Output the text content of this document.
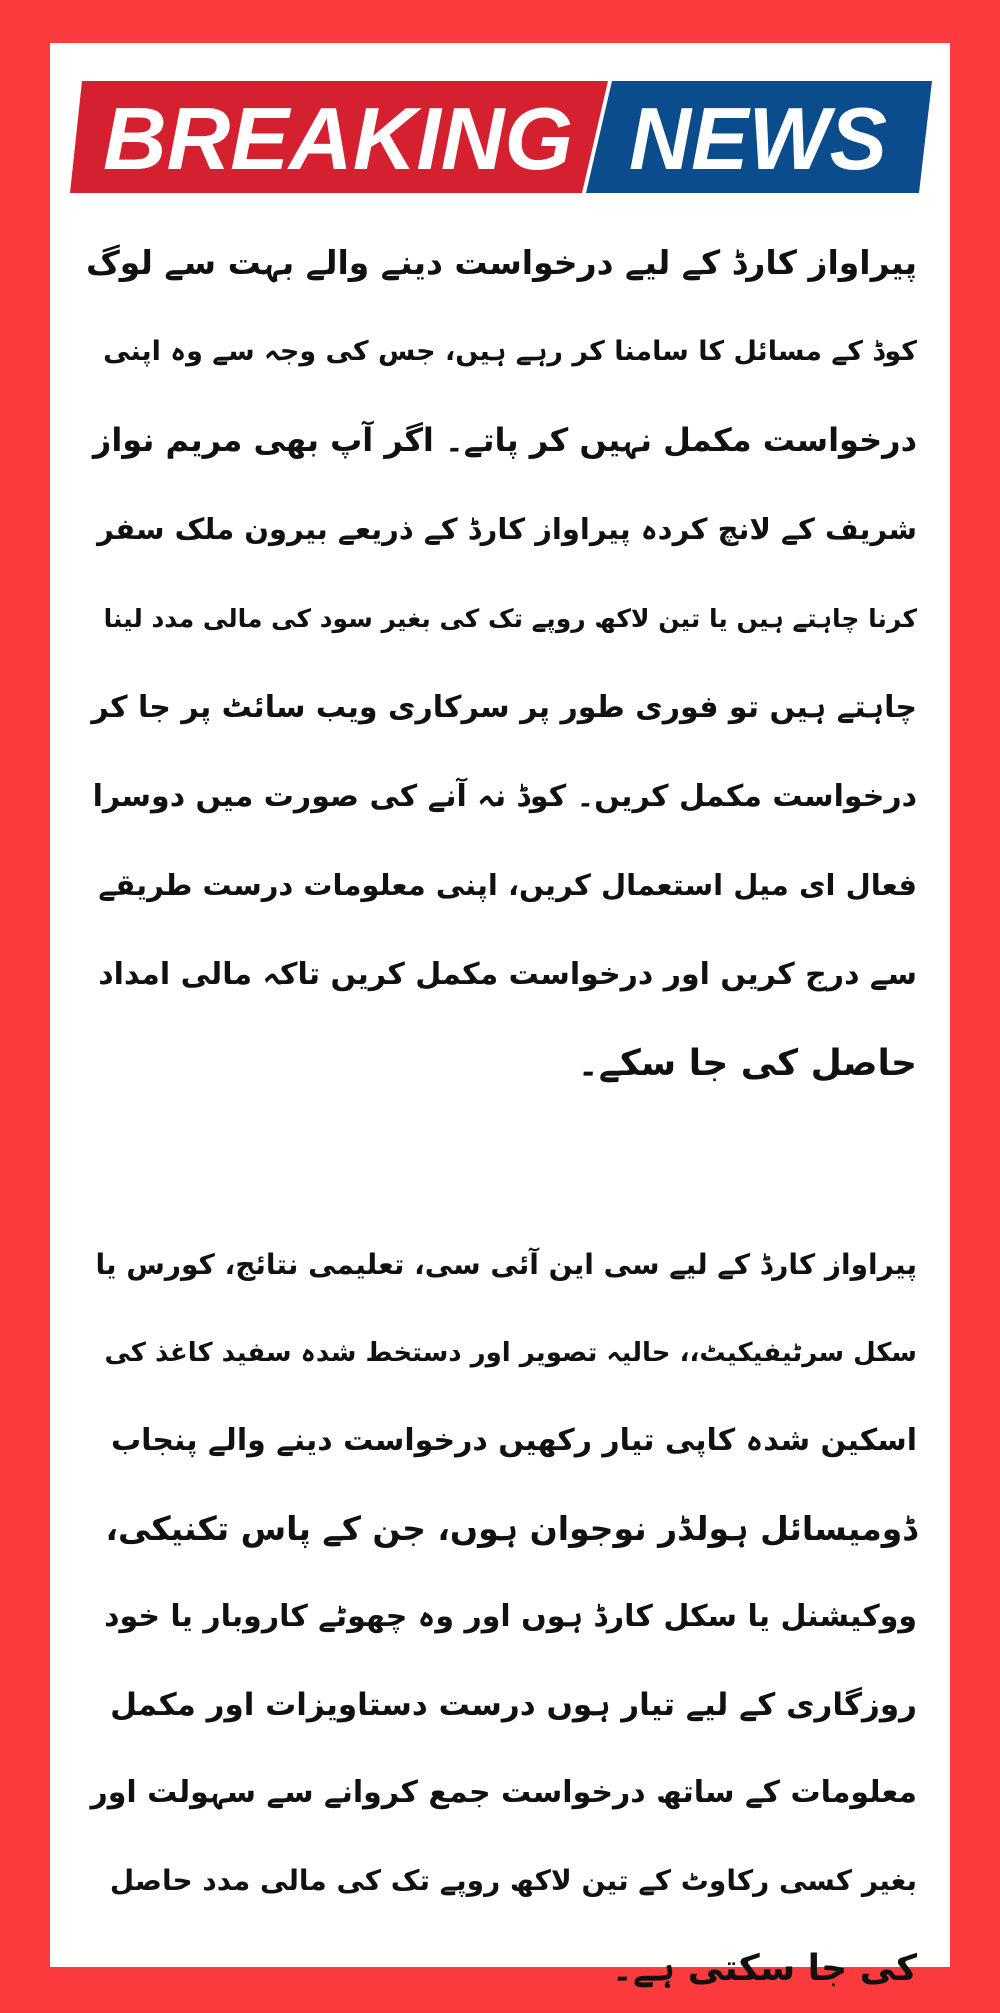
BREAKING NEWS
پیراواز کارڈ کے لیے درخواست دینے والے بہت سے لوگ
کوڈ کے مسائل کا سامنا کر رہے ہیں، جس کی وجہ سے وہ اپنی
درخواست مکمل نہیں کر پاتے۔ اگر آپ بھی مریم نواز
شریف کے لانچ کردہ پیراواز کارڈ کے ذریعے بیرون ملک سفر
کرنا چاہتے ہیں یا تین لاکھ روپے تک کی بغیر سود کی مالی مدد لینا
چاہتے ہیں تو فوری طور پر سرکاری ویب سائٹ پر جا کر
درخواست مکمل کریں۔ کوڈ نہ آنے کی صورت میں دوسرا
فعال ای میل استعمال کریں، اپنی معلومات درست طریقے
سے درج کریں اور درخواست مکمل کریں تاکہ مالی امداد
حاصل کی جا سکے۔
پیراواز کارڈ کے لیے سی این آئی سی، تعلیمی نتائج، کورس یا
سکل سرٹیفیکیٹ،، حالیہ تصویر اور دستخط شدہ سفید کاغذ کی
اسکین شدہ کاپی تیار رکھیں درخواست دینے والے پنجاب
ڈومیسائل ہولڈر نوجوان ہوں، جن کے پاس تکنیکی،
ووکیشنل یا سکل کارڈ ہوں اور وہ چھوٹے کاروبار یا خود
روزگاری کے لیے تیار ہوں درست دستاویزات اور مکمل
معلومات کے ساتھ درخواست جمع کروانے سے سہولت اور
بغیر کسی رکاوٹ کے تین لاکھ روپے تک کی مالی مدد حاصل
کی جا سکتی ہے۔
